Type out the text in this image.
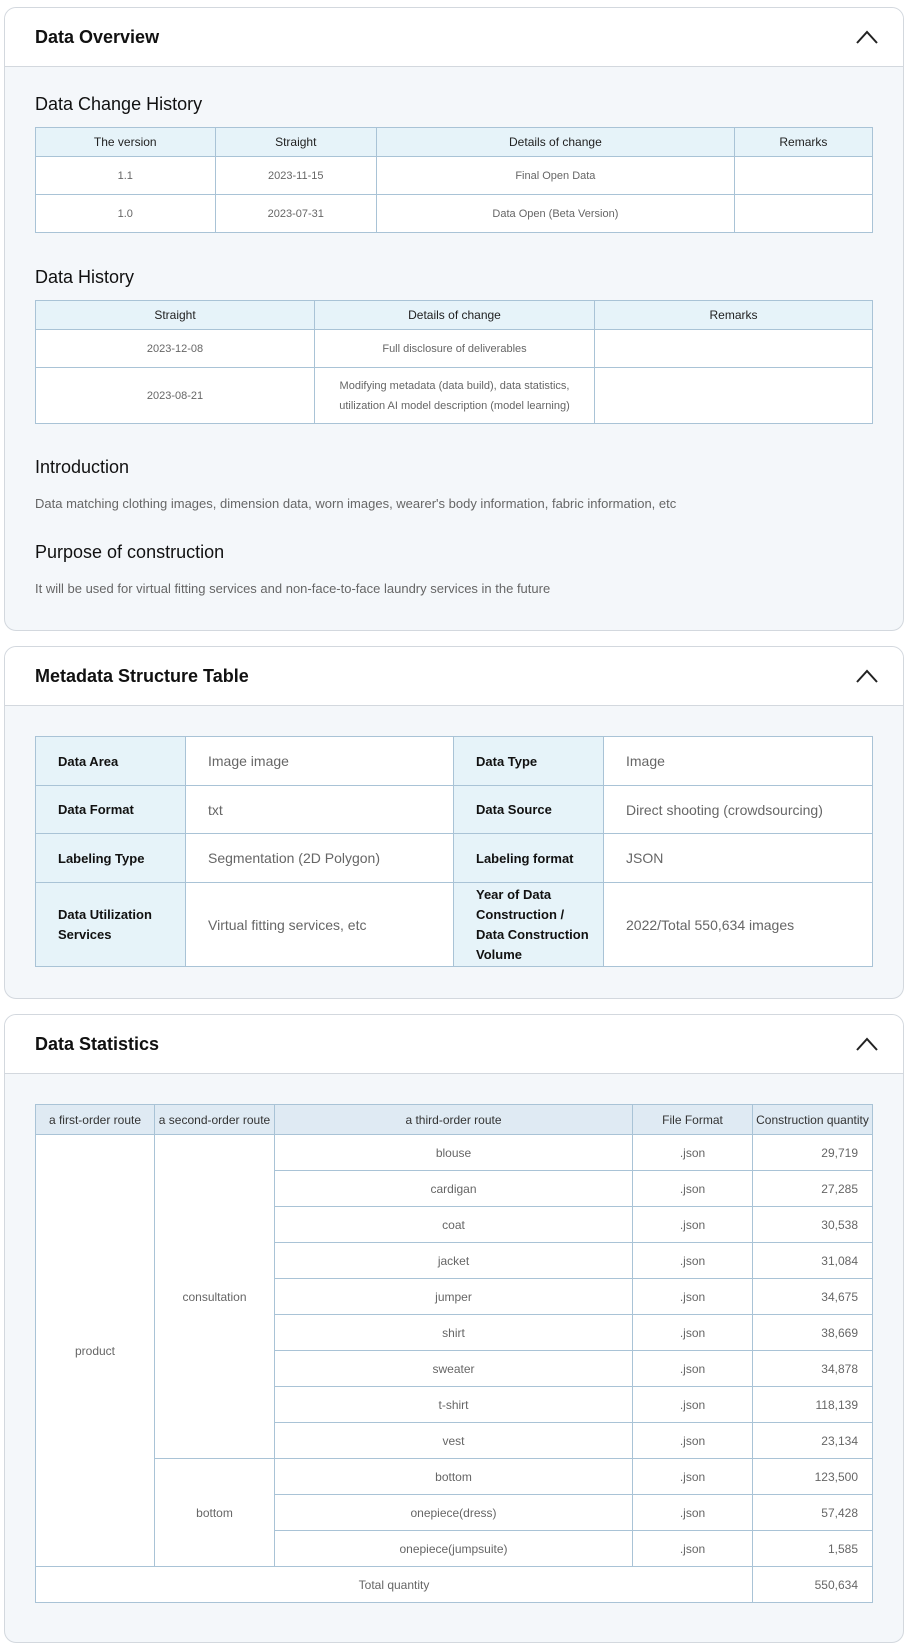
Data Overview
Data Change History
The version	Straight	Details of change	Remarks
1.1	2023-11-15	Final Open Data	
1.0	2023-07-31	Data Open (Beta Version)	
Data History
Straight	Details of change	Remarks
2023-12-08	Full disclosure of deliverables	
2023-08-21	Modifying metadata (data build), data statistics, utilization AI model description (model learning)	
Introduction

Data matching clothing images, dimension data, worn images, wearer's body information, fabric information, etc

Purpose of construction

It will be used for virtual fitting services and non-face-to-face laundry services in the future

Metadata Structure Table
Data Area	Image image	Data Type	Image
Data Format	txt	Data Source	Direct shooting (crowdsourcing)
Labeling Type	Segmentation (2D Polygon)	Labeling format	JSON
Data Utilization Services	Virtual fitting services, etc	Year of Data Construction / Data Construction Volume	2022/Total 550,634 images
Data Statistics
a first-order route	a second-order route	a third-order route	File Format	Construction quantity
product	consultation	blouse	.json	29,719
		cardigan	.json	27,285
		coat	.json	30,538
		jacket	.json	31,084
		jumper	.json	34,675
		shirt	.json	38,669
		sweater	.json	34,878
		t-shirt	.json	118,139
		vest	.json	23,134
	bottom	bottom	.json	123,500
		onepiece(dress)	.json	57,428
		onepiece(jumpsuite)	.json	1,585
Total quantity				550,634
